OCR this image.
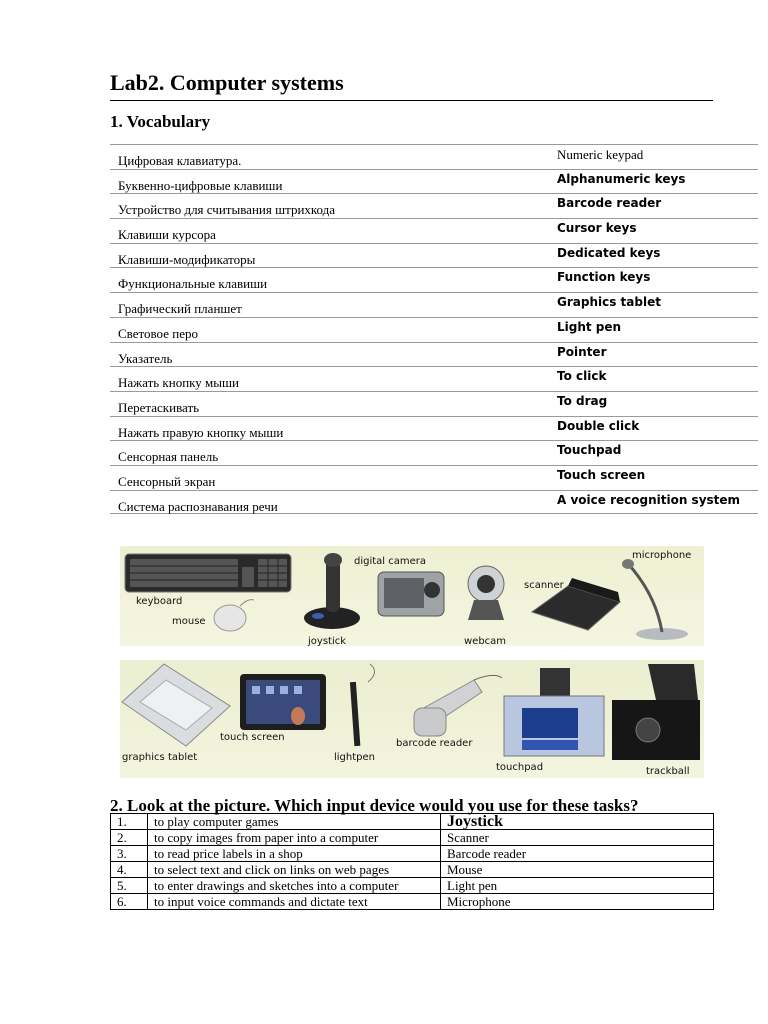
Lab2. Computer systems
1. Vocabulary
Цифровая клавиатура.	Numeric keypad
Буквенно-цифровые клавиши	Alphanumeric keys
Устройство для считывания штрихкода	Barcode reader
Клавиши курсора	Cursor keys
Клавиши-модификаторы	Dedicated keys
Функциональные клавиши	Function keys
Графический планшет	Graphics tablet
Световое перо	Light pen
Указатель	Pointer
Нажать кнопку мыши	To click
Перетаскивать	To drag
Нажать правую кнопку мыши	Double click
Сенсорная панель	Touchpad
Сенсорный экран	Touch screen
Система распознавания речи	A voice recognition system
keyboard
mouse
joystick
digital camera
webcam
scanner
microphone
graphics tablet
touch screen
lightpen
barcode reader
touchpad	trackball
2. Look at the picture. Which input device would you use for these tasks?
1.	to play computer games	Joystick
2.	to copy images from paper into a computer	Scanner
3.	to read price labels in a shop	Barcode reader
4.	to select text and click on links on web pages	Mouse
5.	to enter drawings and sketches into a computer	Light pen
6.	to input voice commands and dictate text	Microphone
